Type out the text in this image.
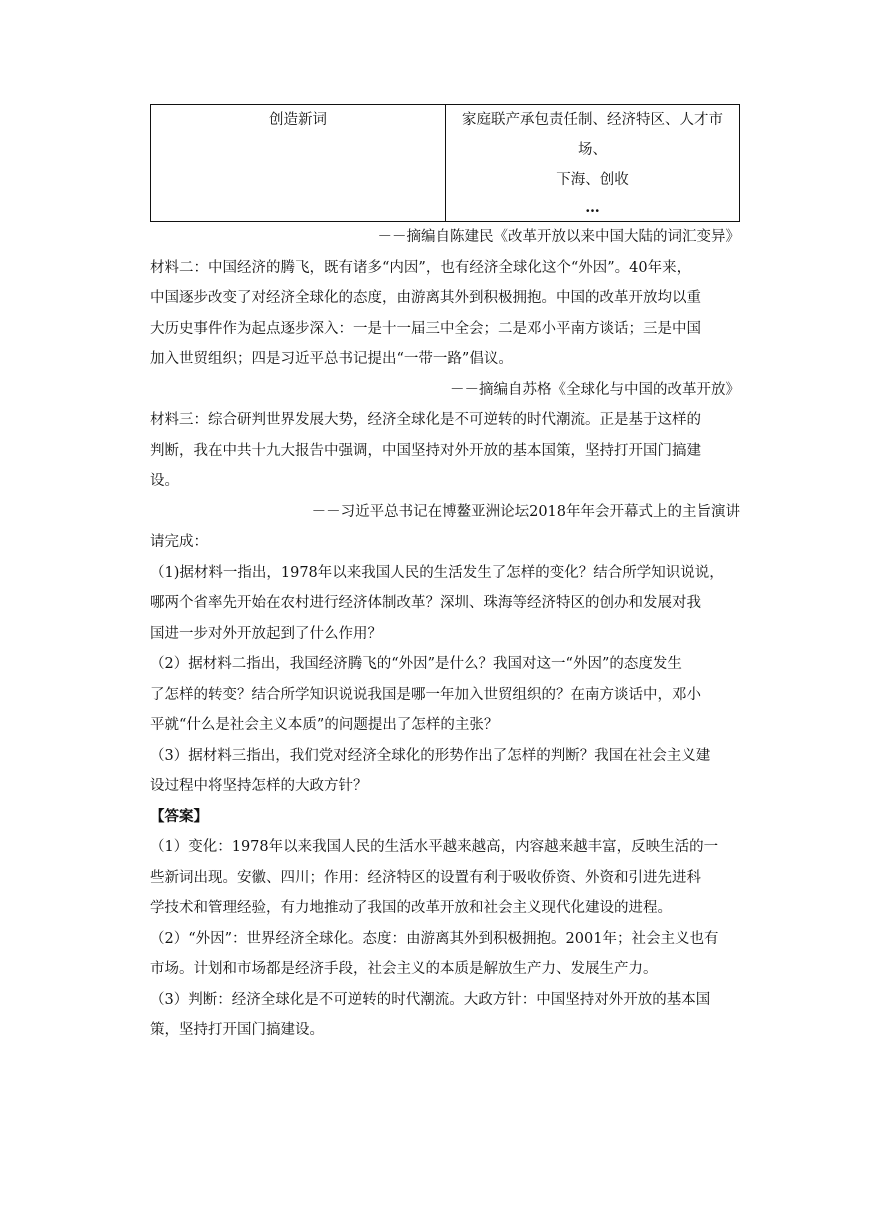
创造新词	家庭联产承包责任制、经济特区、人才市场、
下海、创收
…

－－摘编自陈建民《改革开放以来中国大陆的词汇变异》

材料二：中国经济的腾飞，既有诸多“内因”，也有经济全球化这个“外因”。40年来，

中国逐步改变了对经济全球化的态度，由游离其外到积极拥抱。中国的改革开放均以重

大历史事件作为起点逐步深入：一是十一届三中全会；二是邓小平南方谈话；三是中国

加入世贸组织；四是习近平总书记提出“一带一路”倡议。

－－摘编自苏格《全球化与中国的改革开放》

材料三：综合研判世界发展大势，经济全球化是不可逆转的时代潮流。正是基于这样的

判断，我在中共十九大报告中强调，中国坚持对外开放的基本国策，坚持打开国门搞建

设。

－－习近平总书记在博鳌亚洲论坛2018年年会开幕式上的主旨演讲

请完成：

（1)据材料一指出，1978年以来我国人民的生活发生了怎样的变化？结合所学知识说说，

哪两个省率先开始在农村进行经济体制改革？深圳、珠海等经济特区的创办和发展对我

国进一步对外开放起到了什么作用？

（2）据材料二指出，我国经济腾飞的“外因”是什么？我国对这一“外因”的态度发生

了怎样的转变？结合所学知识说说我国是哪一年加入世贸组织的？在南方谈话中，邓小

平就“什么是社会主义本质”的问题提出了怎样的主张？

（3）据材料三指出，我们党对经济全球化的形势作出了怎样的判断？我国在社会主义建

设过程中将坚持怎样的大政方针？

【答案】

（1）变化：1978年以来我国人民的生活水平越来越高，内容越来越丰富，反映生活的一

些新词出现。安徽、四川；作用：经济特区的设置有利于吸收侨资、外资和引进先进科

学技术和管理经验，有力地推动了我国的改革开放和社会主义现代化建设的进程。

（2）“外因”：世界经济全球化。态度：由游离其外到积极拥抱。2001年；社会主义也有

市场。计划和市场都是经济手段，社会主义的本质是解放生产力、发展生产力。

（3）判断：经济全球化是不可逆转的时代潮流。大政方针：中国坚持对外开放的基本国

策，坚持打开国门搞建设。
